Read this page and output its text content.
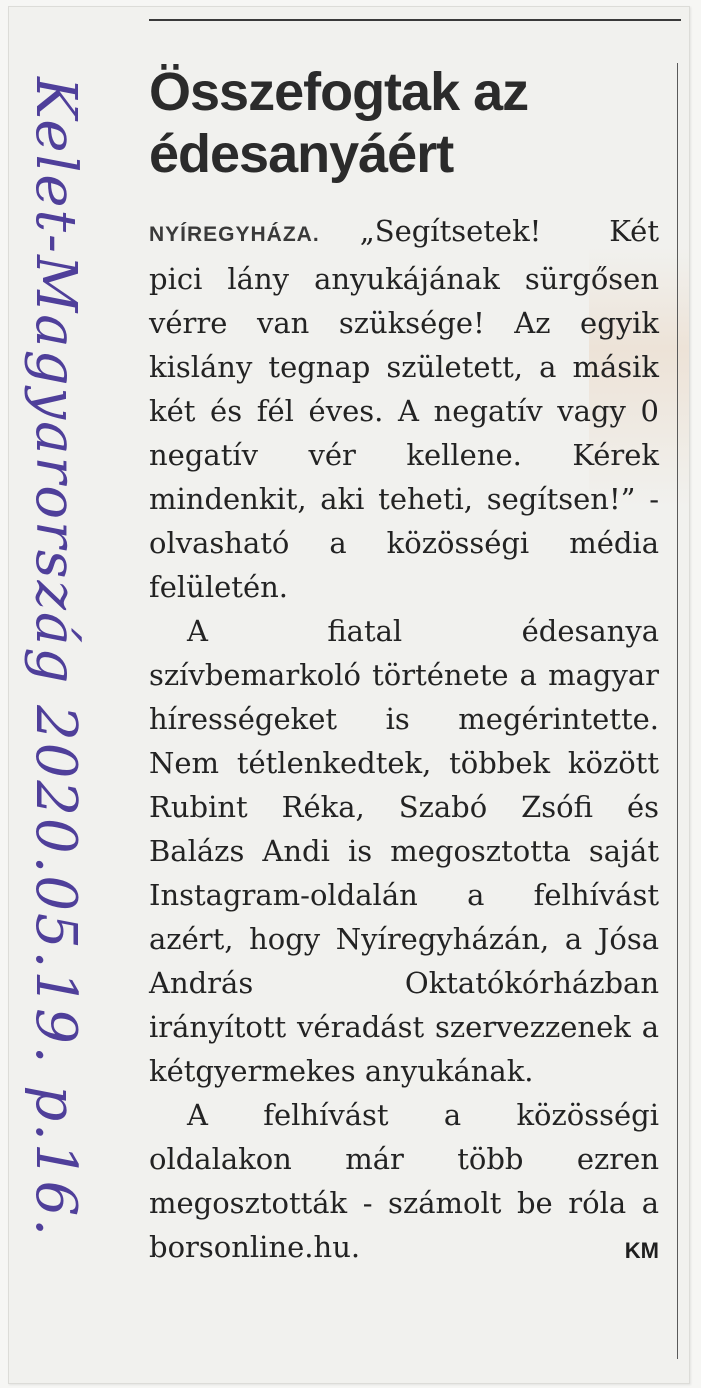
Kelet-Magyarország 2020.05.19. p.16. Összefogtak az édesanyáért

NYÍREGYHÁZA. „Segítsetek! Két pici lány anyukájának sürgősen vérre van szüksége! Az egyik kislány tegnap született, a másik két és fél éves. A negatív vagy 0 negatív vér kellene. Kérek mindenkit, aki teheti, segítsen!” - olvasható a közösségi média felületén.

A fiatal édesanya szívbemarkoló története a magyar hírességeket is megérintette. Nem tétlenkedtek, többek között Rubint Réka, Szabó Zsófi és Balázs Andi is megosztotta saját Instagram-oldalán a felhívást azért, hogy Nyíregyházán, a Jósa András Oktatókórházban irányított véradást szervezzenek a kétgyermekes anyukának.

A felhívást a közösségi oldalakon már több ezren megosztották - számolt be róla a borsonline.hu.	KM
